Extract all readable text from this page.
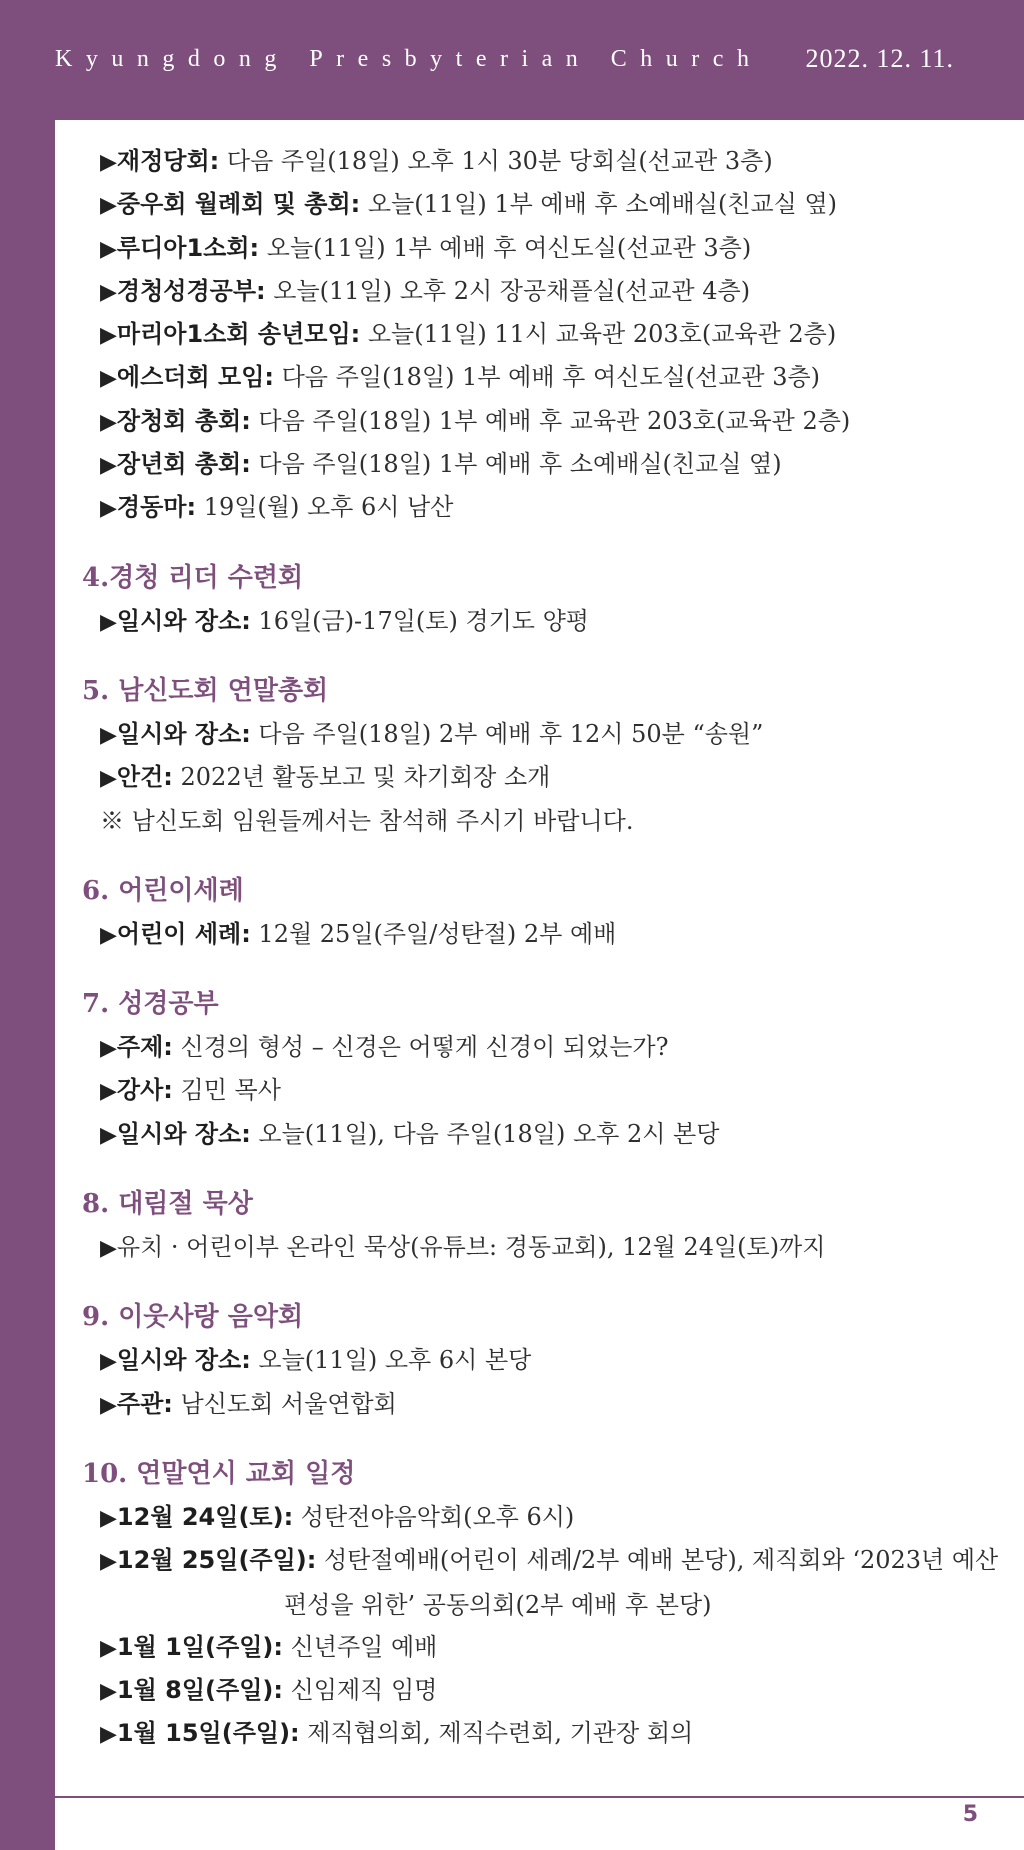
Kyungdong Presbyterian Church 2022. 12. 11.
▶재정당회: 다음 주일(18일) 오후 1시 30분 당회실(선교관 3층)
▶중우회 월례회 및 총회: 오늘(11일) 1부 예배 후 소예배실(친교실 옆)
▶루디아1소회: 오늘(11일) 1부 예배 후 여신도실(선교관 3층)
▶경청성경공부: 오늘(11일) 오후 2시 장공채플실(선교관 4층)
▶마리아1소회 송년모임: 오늘(11일) 11시 교육관 203호(교육관 2층)
▶에스더회 모임: 다음 주일(18일) 1부 예배 후 여신도실(선교관 3층)
▶장청회 총회: 다음 주일(18일) 1부 예배 후 교육관 203호(교육관 2층)
▶장년회 총회: 다음 주일(18일) 1부 예배 후 소예배실(친교실 옆)
▶경동마: 19일(월) 오후 6시 남산
4.경청 리더 수련회
▶일시와 장소: 16일(금)-17일(토) 경기도 양평
5. 남신도회 연말총회
▶일시와 장소: 다음 주일(18일) 2부 예배 후 12시 50분 “송원”
▶안건: 2022년 활동보고 및 차기회장 소개
※ 남신도회 임원들께서는 참석해 주시기 바랍니다.
6. 어린이세례
▶어린이 세례: 12월 25일(주일/성탄절) 2부 예배
7. 성경공부
▶주제: 신경의 형성 – 신경은 어떻게 신경이 되었는가?
▶강사: 김민 목사
▶일시와 장소: 오늘(11일), 다음 주일(18일) 오후 2시 본당
8. 대림절 묵상
▶유치 · 어린이부 온라인 묵상(유튜브: 경동교회), 12월 24일(토)까지
9. 이웃사랑 음악회
▶일시와 장소: 오늘(11일) 오후 6시 본당
▶주관: 남신도회 서울연합회
10. 연말연시 교회 일정
▶12월 24일(토): 성탄전야음악회(오후 6시)
▶12월 25일(주일): 성탄절예배(어린이 세례/2부 예배 본당), 제직회와 ‘2023년 예산
편성을 위한’ 공동의회(2부 예배 후 본당)
▶1월 1일(주일): 신년주일 예배
▶1월 8일(주일): 신임제직 임명
▶1월 15일(주일): 제직협의회, 제직수련회, 기관장 회의
5
